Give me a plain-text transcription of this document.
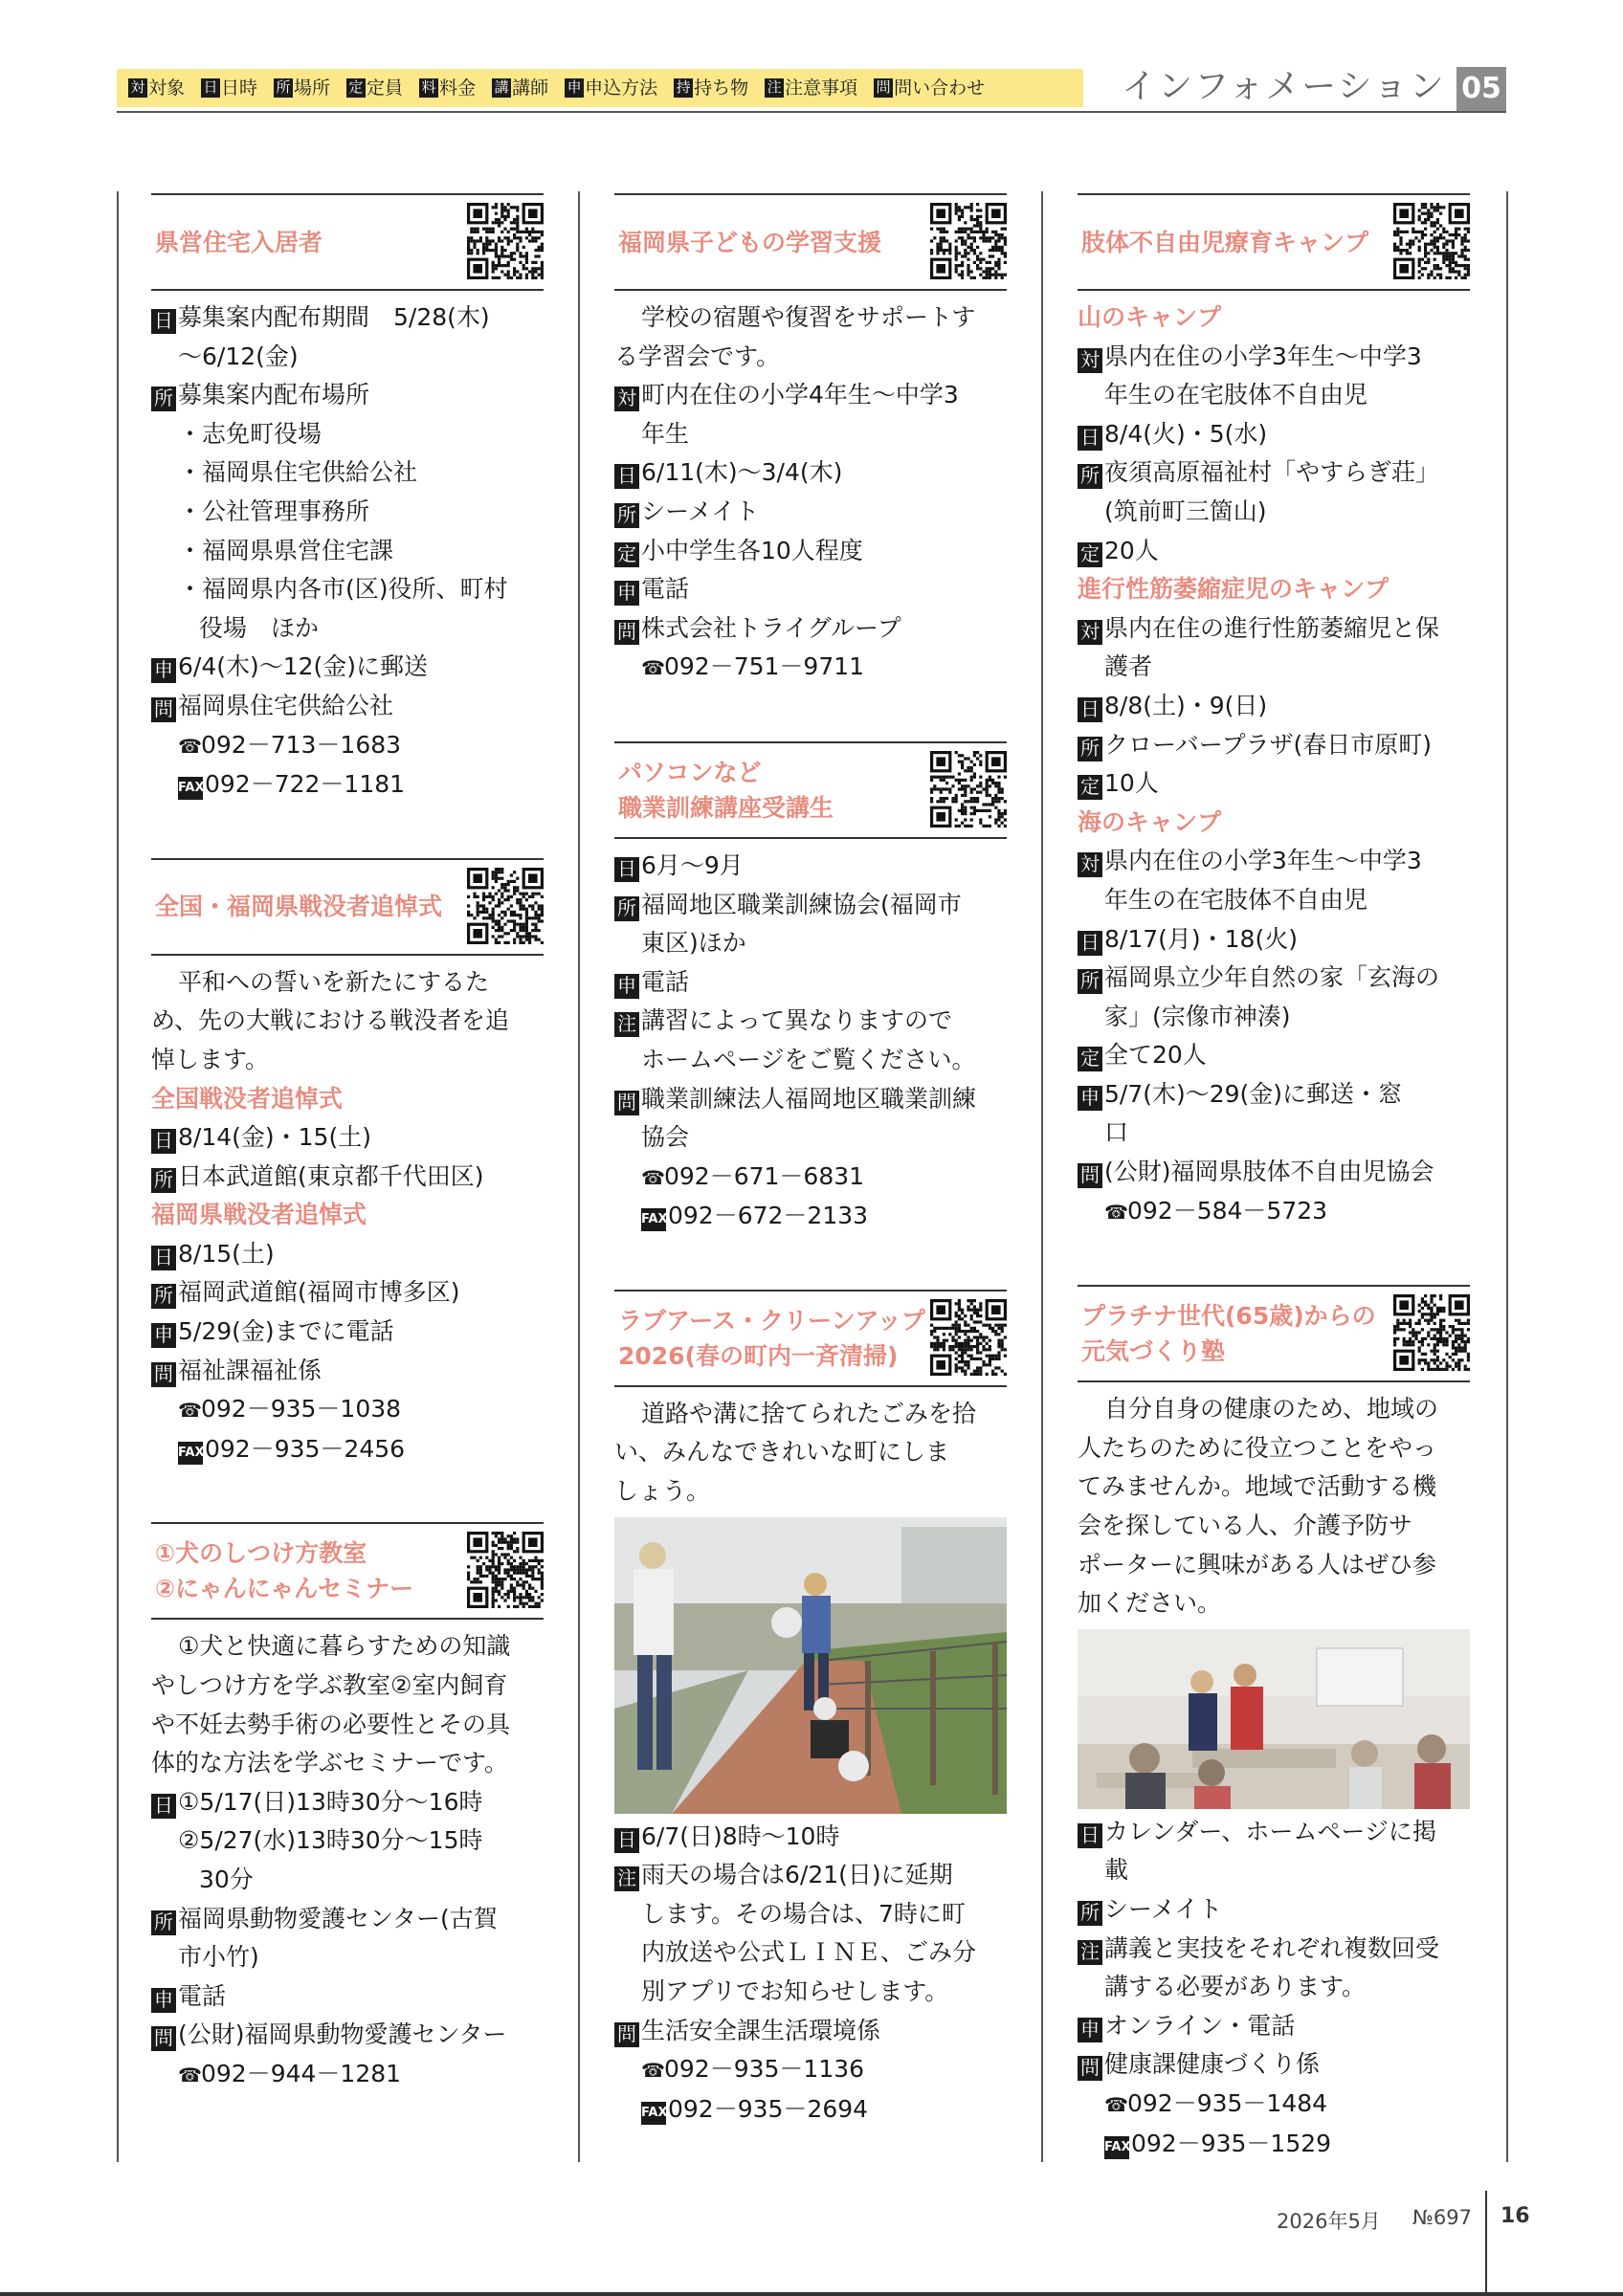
対 対象 日 日時 所 場所 定 定員 料 料金 講 講師 申 申込方法 持 持ち物 注 注意事項 問 問い合わせ	インフォメーション 05
県営住宅入居者
日 募集案内配布期間　5/28(木)
～6/12(金)
所 募集案内配布場所
・志免町役場
・福岡県住宅供給公社
・公社管理事務所
・福岡県県営住宅課
・福岡県内各市(区)役所、町村
役場　ほか
申 6/4(木)～12(金)に郵送
問 福岡県住宅供給公社
☎092－713－1683
FAX092－722－1181
全国・福岡県戦没者追悼式
平和への誓いを新たにするた
め、先の大戦における戦没者を追
悼します。
全国戦没者追悼式
日 8/14(金)・15(土)
所 日本武道館(東京都千代田区)
福岡県戦没者追悼式
日 8/15(土)
所 福岡武道館(福岡市博多区)
申 5/29(金)までに電話
問 福祉課福祉係
☎092－935－1038
FAX092－935－2456
①犬のしつけ方教室
②にゃんにゃんセミナー
①犬と快適に暮らすための知識
やしつけ方を学ぶ教室②室内飼育
や不妊去勢手術の必要性とその具
体的な方法を学ぶセミナーです。
日 ①5/17(日)13時30分～16時
②5/27(水)13時30分～15時
30分
所 福岡県動物愛護センター(古賀
市小竹)
申 電話
問 (公財)福岡県動物愛護センター
☎092－944－1281
福岡県子どもの学習支援
学校の宿題や復習をサポートす
る学習会です。
対 町内在住の小学4年生～中学3
年生
日 6/11(木)～3/4(木)
所 シーメイト
定 小中学生各10人程度
申 電話
問 株式会社トライグループ
☎092－751－9711
パソコンなど
職業訓練講座受講生
日 6月～9月
所 福岡地区職業訓練協会(福岡市
東区)ほか
申 電話
注 講習によって異なりますので
ホームページをご覧ください。
問 職業訓練法人福岡地区職業訓練
協会
☎092－671－6831
FAX092－672－2133
ラブアース・クリーンアップ
2026(春の町内一斉清掃)
道路や溝に捨てられたごみを拾
い、みんなできれいな町にしま
しょう。
日 6/7(日)8時～10時
注 雨天の場合は6/21(日)に延期
します。その場合は、7時に町
内放送や公式ＬＩＮＥ、ごみ分
別アプリでお知らせします。
問 生活安全課生活環境係
☎092－935－1136
FAX092－935－2694
肢体不自由児療育キャンプ
山のキャンプ
対 県内在住の小学3年生～中学3
年生の在宅肢体不自由児
日 8/4(火)・5(水)
所 夜須高原福祉村「やすらぎ荘」
(筑前町三箇山)
定 20人
進行性筋萎縮症児のキャンプ
対 県内在住の進行性筋萎縮児と保
護者
日 8/8(土)・9(日)
所 クローバープラザ(春日市原町)
定 10人
海のキャンプ
対 県内在住の小学3年生～中学3
年生の在宅肢体不自由児
日 8/17(月)・18(火)
所 福岡県立少年自然の家「玄海の
家」(宗像市神湊)
定 全て20人
申 5/7(木)～29(金)に郵送・窓
口
問 (公財)福岡県肢体不自由児協会
☎092－584－5723
プラチナ世代(65歳)からの
元気づくり塾
自分自身の健康のため、地域の
人たちのために役立つことをやっ
てみませんか。地域で活動する機
会を探している人、介護予防サ
ポーターに興味がある人はぜひ参
加ください。
日 カレンダー、ホームページに掲
載
所 シーメイト
注 講義と実技をそれぞれ複数回受
講する必要があります。
申 オンライン・電話
問 健康課健康づくり係
☎092－935－1484
FAX092－935－1529
2026年5月 №697 16
